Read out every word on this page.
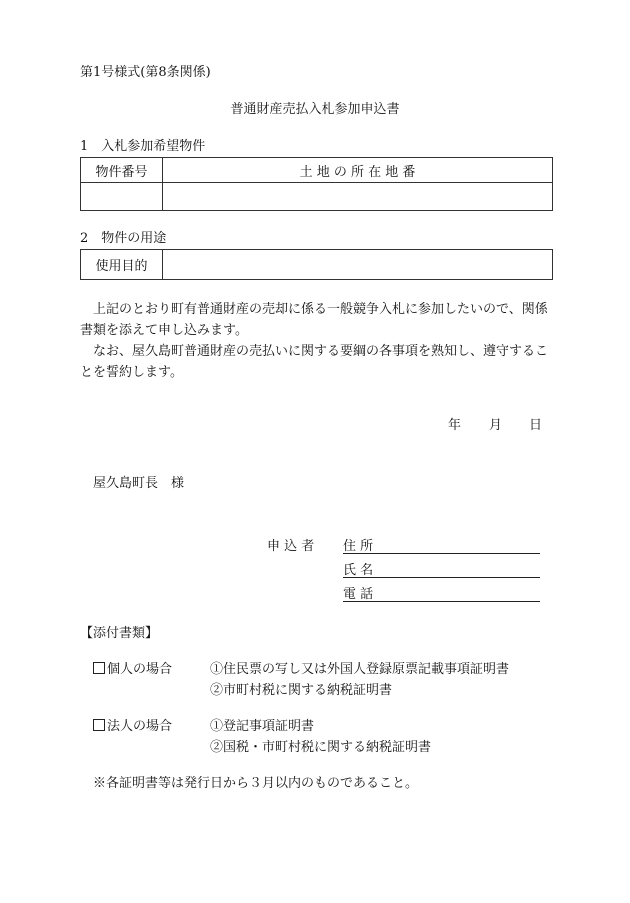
第1号様式(第8条関係)
普通財産売払入札参加申込書
1　入札参加希望物件
物件番号	土 地 の 所 在 地 番

2　物件の用途
使用目的	
上記のとおり町有普通財産の売却に係る一般競争入札に参加したいので、関係
書類を添えて申し込みます。
なお、屋久島町普通財産の売払いに関する要綱の各事項を熟知し、遵守するこ
とを誓約します。
年 月 日
屋久島町長　様
申 込 者 住 所
氏 名
電 話
【添付書類】
個人の場合	①住民票の写し又は外国人登録原票記載事項証明書
②市町村税に関する納税証明書
法人の場合	①登記事項証明書
②国税・市町村税に関する納税証明書
※各証明書等は発行日から３月以内のものであること。
